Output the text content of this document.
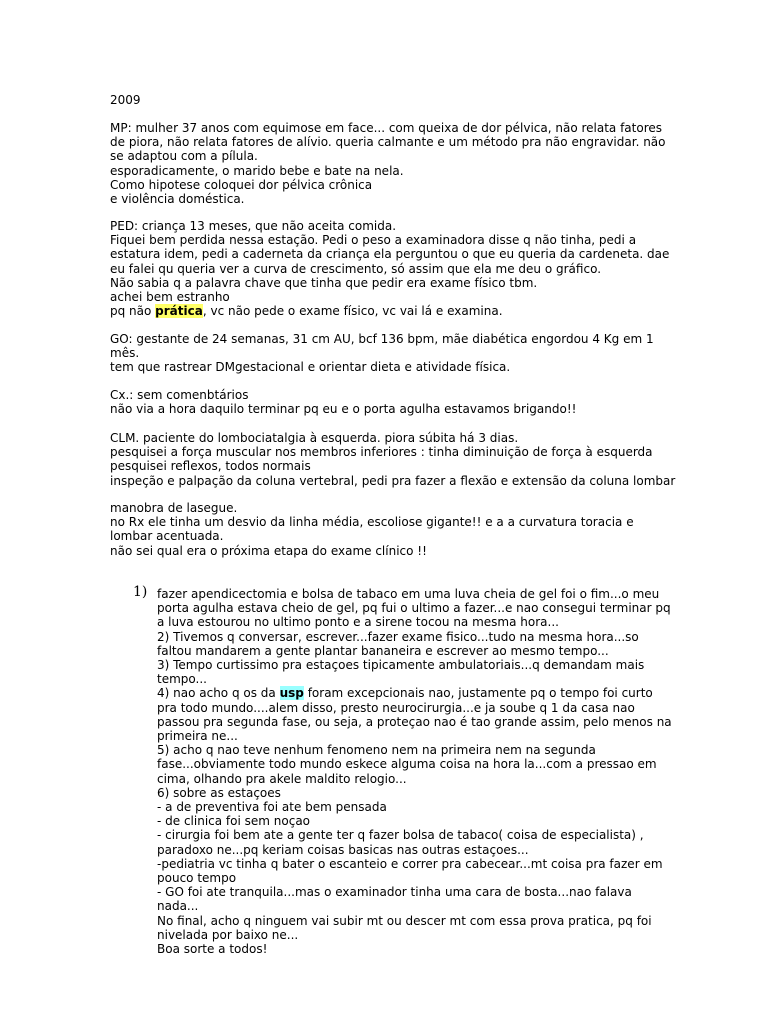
2009
MP: mulher 37 anos com equimose em face... com queixa de dor pélvica, não relata fatores
de piora, não relata fatores de alívio. queria calmante e um método pra não engravidar. não
se adaptou com a pílula.
esporadicamente, o marido bebe e bate na nela.
Como hipotese coloquei dor pélvica crônica
e violência doméstica.
PED: criança 13 meses, que não aceita comida.
Fiquei bem perdida nessa estação. Pedi o peso a examinadora disse q não tinha, pedi a
estatura idem, pedi a caderneta da criança ela perguntou o que eu queria da cardeneta. dae
eu falei qu queria ver a curva de crescimento, só assim que ela me deu o gráfico.
Não sabia q a palavra chave que tinha que pedir era exame físico tbm.
achei bem estranho
pq não prática, vc não pede o exame físico, vc vai lá e examina.
GO: gestante de 24 semanas, 31 cm AU, bcf 136 bpm, mãe diabética engordou 4 Kg em 1
mês.
tem que rastrear DMgestacional e orientar dieta e atividade física.
Cx.: sem comenbtários
não via a hora daquilo terminar pq eu e o porta agulha estavamos brigando!!
CLM. paciente do lombociatalgia à esquerda. piora súbita há 3 dias.
pesquisei a força muscular nos membros inferiores : tinha diminuição de força à esquerda
pesquisei reflexos, todos normais
inspeção e palpação da coluna vertebral, pedi pra fazer a flexão e extensão da coluna lombar
manobra de lasegue.
no Rx ele tinha um desvio da linha média, escoliose gigante!! e a a curvatura toracia e
lombar acentuada.
não sei qual era o próxima etapa do exame clínico !!
1) fazer apendicectomia e bolsa de tabaco em uma luva cheia de gel foi o fim...o meu
porta agulha estava cheio de gel, pq fui o ultimo a fazer...e nao consegui terminar pq
a luva estourou no ultimo ponto e a sirene tocou na mesma hora...
2) Tivemos q conversar, escrever...fazer exame fisico...tudo na mesma hora...so
faltou mandarem a gente plantar bananeira e escrever ao mesmo tempo...
3) Tempo curtissimo pra estaçoes tipicamente ambulatoriais...q demandam mais
tempo...
4) nao acho q os da usp foram excepcionais nao, justamente pq o tempo foi curto
pra todo mundo....alem disso, presto neurocirurgia...e ja soube q 1 da casa nao
passou pra segunda fase, ou seja, a proteçao nao é tao grande assim, pelo menos na
primeira ne...
5) acho q nao teve nenhum fenomeno nem na primeira nem na segunda
fase...obviamente todo mundo eskece alguma coisa na hora la...com a pressao em
cima, olhando pra akele maldito relogio...
6) sobre as estaçoes
- a de preventiva foi ate bem pensada
- de clinica foi sem noçao
- cirurgia foi bem ate a gente ter q fazer bolsa de tabaco( coisa de especialista) ,
paradoxo ne...pq keriam coisas basicas nas outras estaçoes...
-pediatria vc tinha q bater o escanteio e correr pra cabecear...mt coisa pra fazer em
pouco tempo
- GO foi ate tranquila...mas o examinador tinha uma cara de bosta...nao falava
nada...
No final, acho q ninguem vai subir mt ou descer mt com essa prova pratica, pq foi
nivelada por baixo ne...
Boa sorte a todos!
